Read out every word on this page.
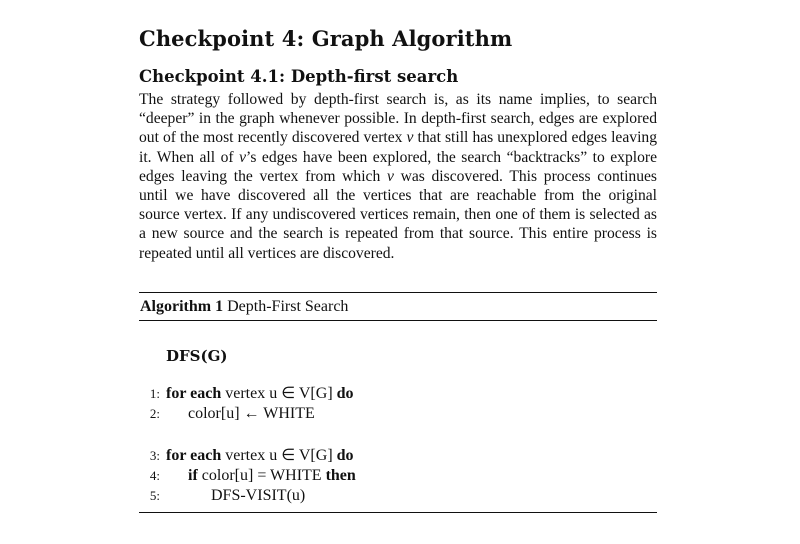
Checkpoint 4: Graph Algorithm
Checkpoint 4.1: Depth-first search

The strategy followed by depth-first search is, as its name implies, to search “deeper” in the graph whenever possible. In depth-first search, edges are explored out of the most recently discovered vertex v that still has unexplored edges leaving it. When all of v’s edges have been explored, the search “backtracks” to explore edges leaving the vertex from which v was discovered. This process continues until we have discovered all the vertices that are reachable from the original source vertex. If any undiscovered vertices remain, then one of them is selected as a new source and the search is repeated from that source. This entire process is repeated until all vertices are discovered.

Algorithm 1 Depth-First Search
DFS(G)
1: for each vertex u ∈ V[G] do
2: color[u] ← WHITE
3: for each vertex u ∈ V[G] do
4: if color[u] = WHITE then
5:	DFS-VISIT(u)
